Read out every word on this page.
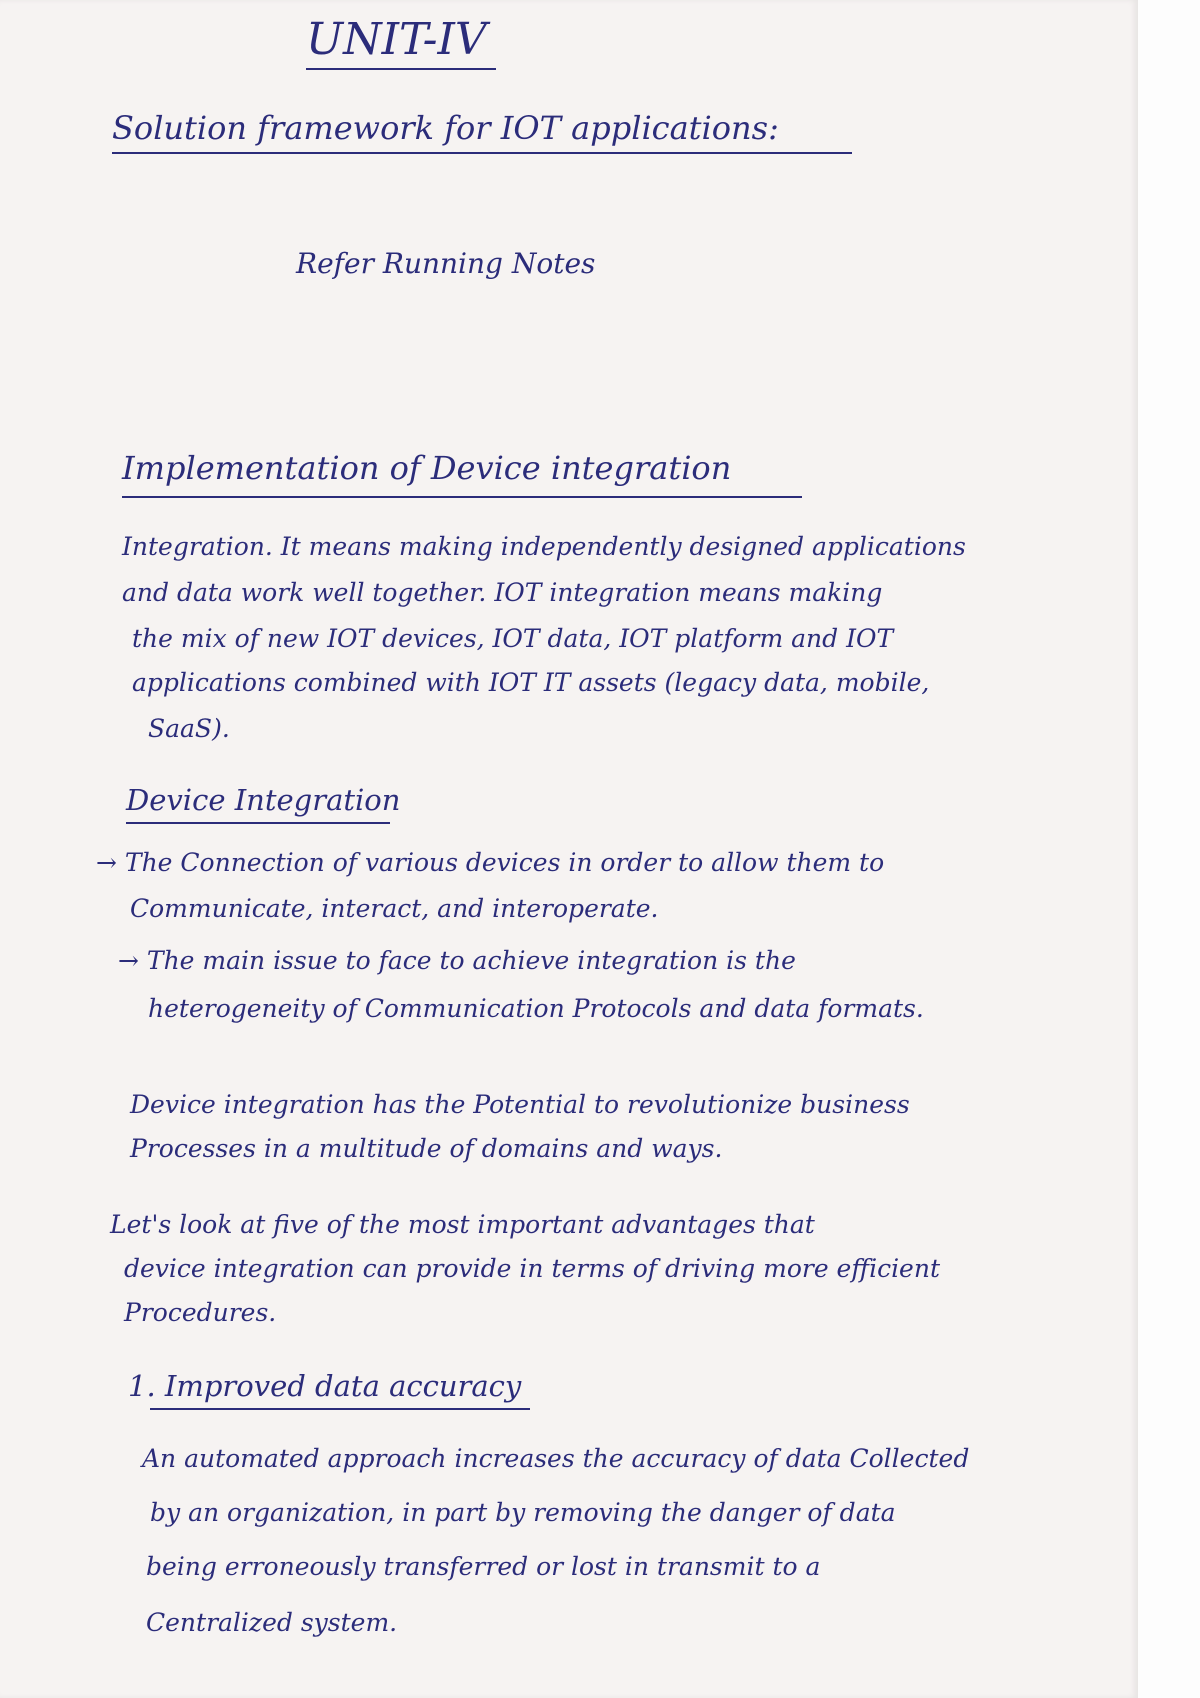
UNIT-IV
Solution framework for IOT applications:
Refer Running Notes
Implementation of Device integration
Integration. It means making independently designed applications
and data work well together. IOT integration means making
the mix of new IOT devices, IOT data, IOT platform and IOT
applications combined with IOT IT assets (legacy data, mobile,
SaaS).
Device Integration
→ The Connection of various devices in order to allow them to
Communicate, interact, and interoperate.
→ The main issue to face to achieve integration is the
heterogeneity of Communication Protocols and data formats.
Device integration has the Potential to revolutionize business
Processes in a multitude of domains and ways.
Let's look at five of the most important advantages that
device integration can provide in terms of driving more efficient
Procedures.
1. Improved data accuracy
An automated approach increases the accuracy of data Collected
by an organization, in part by removing the danger of data
being erroneously transferred or lost in transmit to a
Centralized system.
